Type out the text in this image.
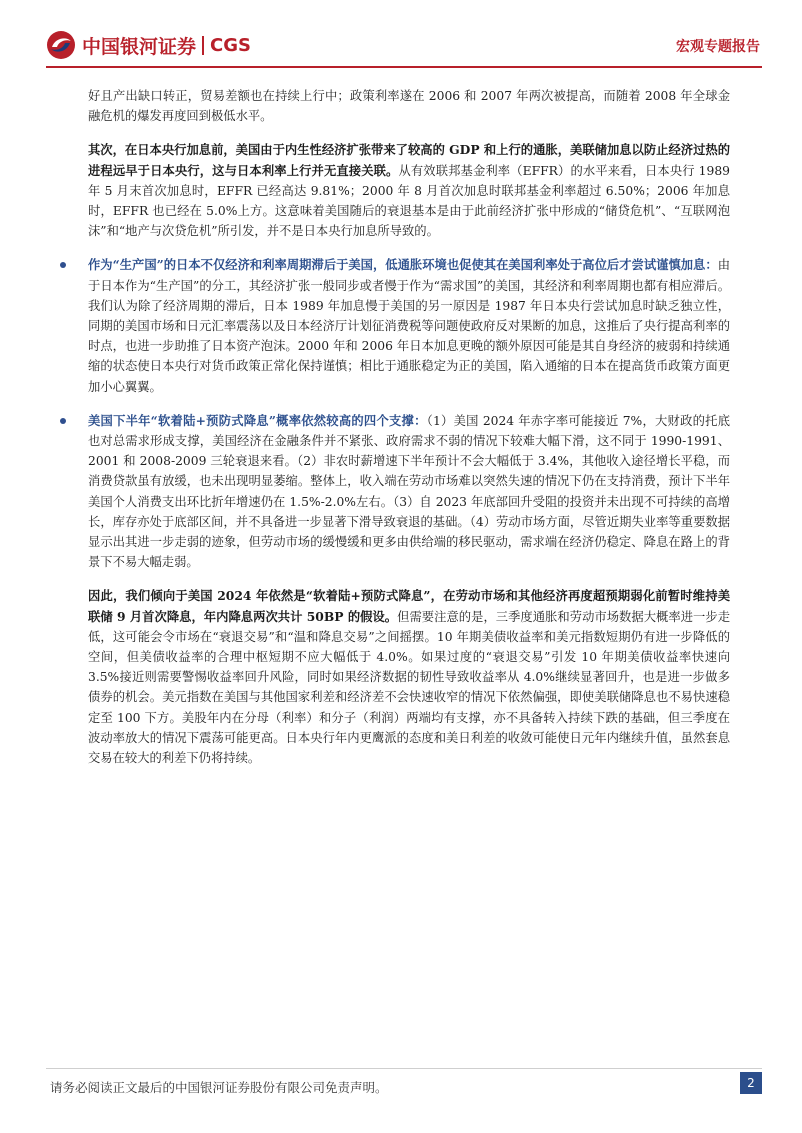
中国银河证券 CGS	宏观专题报告

好且产出缺口转正，贸易差额也在持续上行中；政策利率遂在 2006 和 2007 年两次被提高，而随着 2008 年全球金融危机的爆发再度回到极低水平。

其次，在日本央行加息前，美国由于内生性经济扩张带来了较高的 GDP 和上行的通胀，美联储加息以防止经济过热的进程远早于日本央行，这与日本利率上行并无直接关联。从有效联邦基金利率（EFFR）的水平来看，日本央行 1989 年 5 月末首次加息时，EFFR 已经高达 9.81%；2000 年 8 月首次加息时联邦基金利率超过 6.50%；2006 年加息时，EFFR 也已经在 5.0%上方。这意味着美国随后的衰退基本是由于此前经济扩张中形成的“储贷危机”、“互联网泡沫”和“地产与次贷危机”所引发，并不是日本央行加息所导致的。

作为“生产国”的日本不仅经济和利率周期滞后于美国，低通胀环境也促使其在美国利率处于高位后才尝试谨慎加息：由于日本作为“生产国”的分工，其经济扩张一般同步或者慢于作为“需求国”的美国，其经济和利率周期也都有相应滞后。我们认为除了经济周期的滞后，日本 1989 年加息慢于美国的另一原因是 1987 年日本央行尝试加息时缺乏独立性，同期的美国市场和日元汇率震荡以及日本经济厅计划征消费税等问题使政府反对果断的加息，这推后了央行提高利率的时点，也进一步助推了日本资产泡沫。2000 年和 2006 年日本加息更晚的额外原因可能是其自身经济的疲弱和持续通缩的状态使日本央行对货币政策正常化保持谨慎；相比于通胀稳定为正的美国，陷入通缩的日本在提高货币政策方面更加小心翼翼。
美国下半年“软着陆+预防式降息”概率依然较高的四个支撑：（1）美国 2024 年赤字率可能接近 7%，大财政的托底也对总需求形成支撑，美国经济在金融条件并不紧张、政府需求不弱的情况下较难大幅下滑，这不同于 1990-1991、2001 和 2008-2009 三轮衰退来看。（2）非农时薪增速下半年预计不会大幅低于 3.4%，其他收入途径增长平稳，而消费贷款虽有放缓，也未出现明显萎缩。整体上，收入端在劳动市场难以突然失速的情况下仍在支持消费，预计下半年美国个人消费支出环比折年增速仍在 1.5%-2.0%左右。（3）自 2023 年底部回升受阻的投资并未出现不可持续的高增长，库存亦处于底部区间，并不具备进一步显著下滑导致衰退的基础。（4）劳动市场方面，尽管近期失业率等重要数据显示出其进一步走弱的迹象，但劳动市场的缓慢缓和更多由供给端的移民驱动，需求端在经济仍稳定、降息在路上的背景下不易大幅走弱。

因此，我们倾向于美国 2024 年依然是“软着陆+预防式降息”，在劳动市场和其他经济再度超预期弱化前暂时维持美联储 9 月首次降息，年内降息两次共计 50BP 的假设。但需要注意的是，三季度通胀和劳动市场数据大概率进一步走低，这可能会令市场在“衰退交易”和“温和降息交易”之间摇摆。10 年期美债收益率和美元指数短期仍有进一步降低的空间，但美债收益率的合理中枢短期不应大幅低于 4.0%。如果过度的“衰退交易”引发 10 年期美债收益率快速向 3.5%接近则需要警惕收益率回升风险，同时如果经济数据的韧性导致收益率从 4.0%继续显著回升，也是进一步做多债券的机会。美元指数在美国与其他国家利差和经济差不会快速收窄的情况下依然偏强，即使美联储降息也不易快速稳定至 100 下方。美股年内在分母（利率）和分子（利润）两端均有支撑，亦不具备转入持续下跌的基础，但三季度在波动率放大的情况下震荡可能更高。日本央行年内更鹰派的态度和美日利差的收敛可能使日元年内继续升值，虽然套息交易在较大的利差下仍将持续。

请务必阅读正文最后的中国银河证券股份有限公司免责声明。	2
